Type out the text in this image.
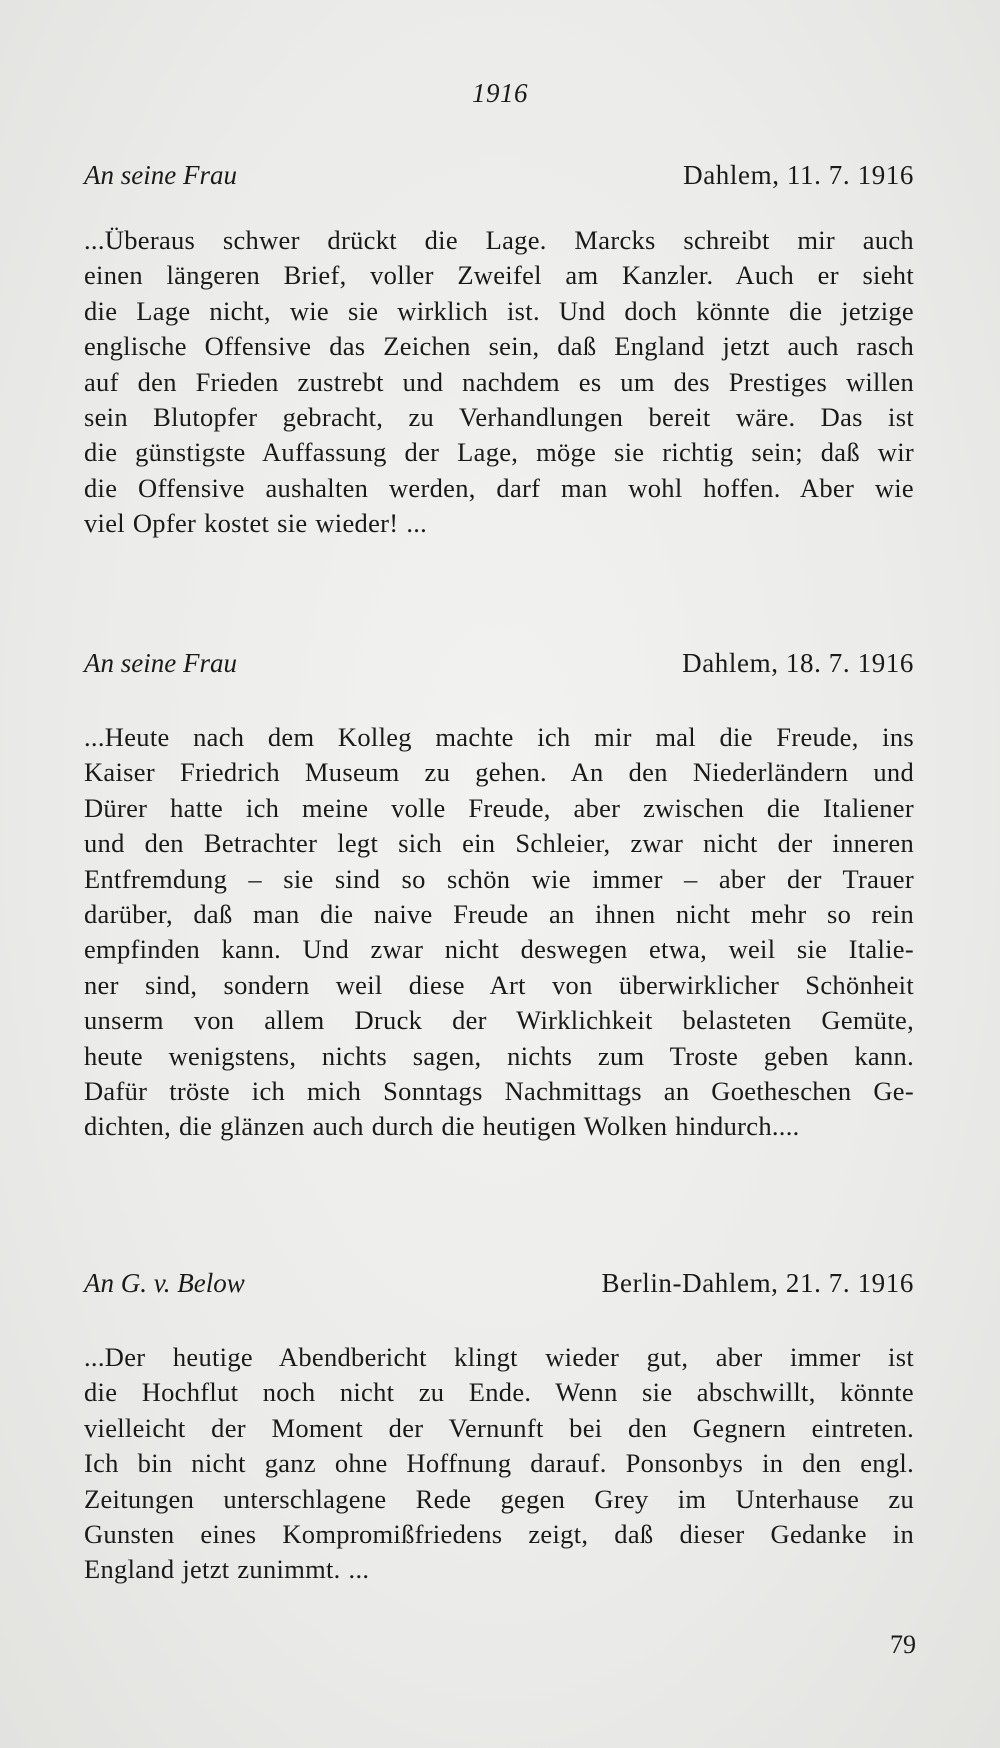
1916
An seine Frau	Dahlem, 11. 7. 1916
...Überaus schwer drückt die Lage. Marcks schreibt mir auch
einen längeren Brief, voller Zweifel am Kanzler. Auch er sieht
die Lage nicht, wie sie wirklich ist. Und doch könnte die jetzige
englische Offensive das Zeichen sein, daß England jetzt auch rasch
auf den Frieden zustrebt und nachdem es um des Prestiges willen
sein Blutopfer gebracht, zu Verhandlungen bereit wäre. Das ist
die günstigste Auffassung der Lage, möge sie richtig sein; daß wir
die Offensive aushalten werden, darf man wohl hoffen. Aber wie
viel Opfer kostet sie wieder! ...
An seine Frau	Dahlem, 18. 7. 1916
...Heute nach dem Kolleg machte ich mir mal die Freude, ins
Kaiser Friedrich Museum zu gehen. An den Niederländern und
Dürer hatte ich meine volle Freude, aber zwischen die Italiener
und den Betrachter legt sich ein Schleier, zwar nicht der inneren
Entfremdung – sie sind so schön wie immer – aber der Trauer
darüber, daß man die naive Freude an ihnen nicht mehr so rein
empfinden kann. Und zwar nicht deswegen etwa, weil sie Italie-
ner sind, sondern weil diese Art von überwirklicher Schönheit
unserm von allem Druck der Wirklichkeit belasteten Gemüte,
heute wenigstens, nichts sagen, nichts zum Troste geben kann.
Dafür tröste ich mich Sonntags Nachmittags an Goetheschen Ge-
dichten, die glänzen auch durch die heutigen Wolken hindurch....
An G. v. Below	Berlin-Dahlem, 21. 7. 1916
...Der heutige Abendbericht klingt wieder gut, aber immer ist
die Hochflut noch nicht zu Ende. Wenn sie abschwillt, könnte
vielleicht der Moment der Vernunft bei den Gegnern eintreten.
Ich bin nicht ganz ohne Hoffnung darauf. Ponsonbys in den engl.
Zeitungen unterschlagene Rede gegen Grey im Unterhause zu
Gunsten eines Kompromißfriedens zeigt, daß dieser Gedanke in
England jetzt zunimmt. ...
79
